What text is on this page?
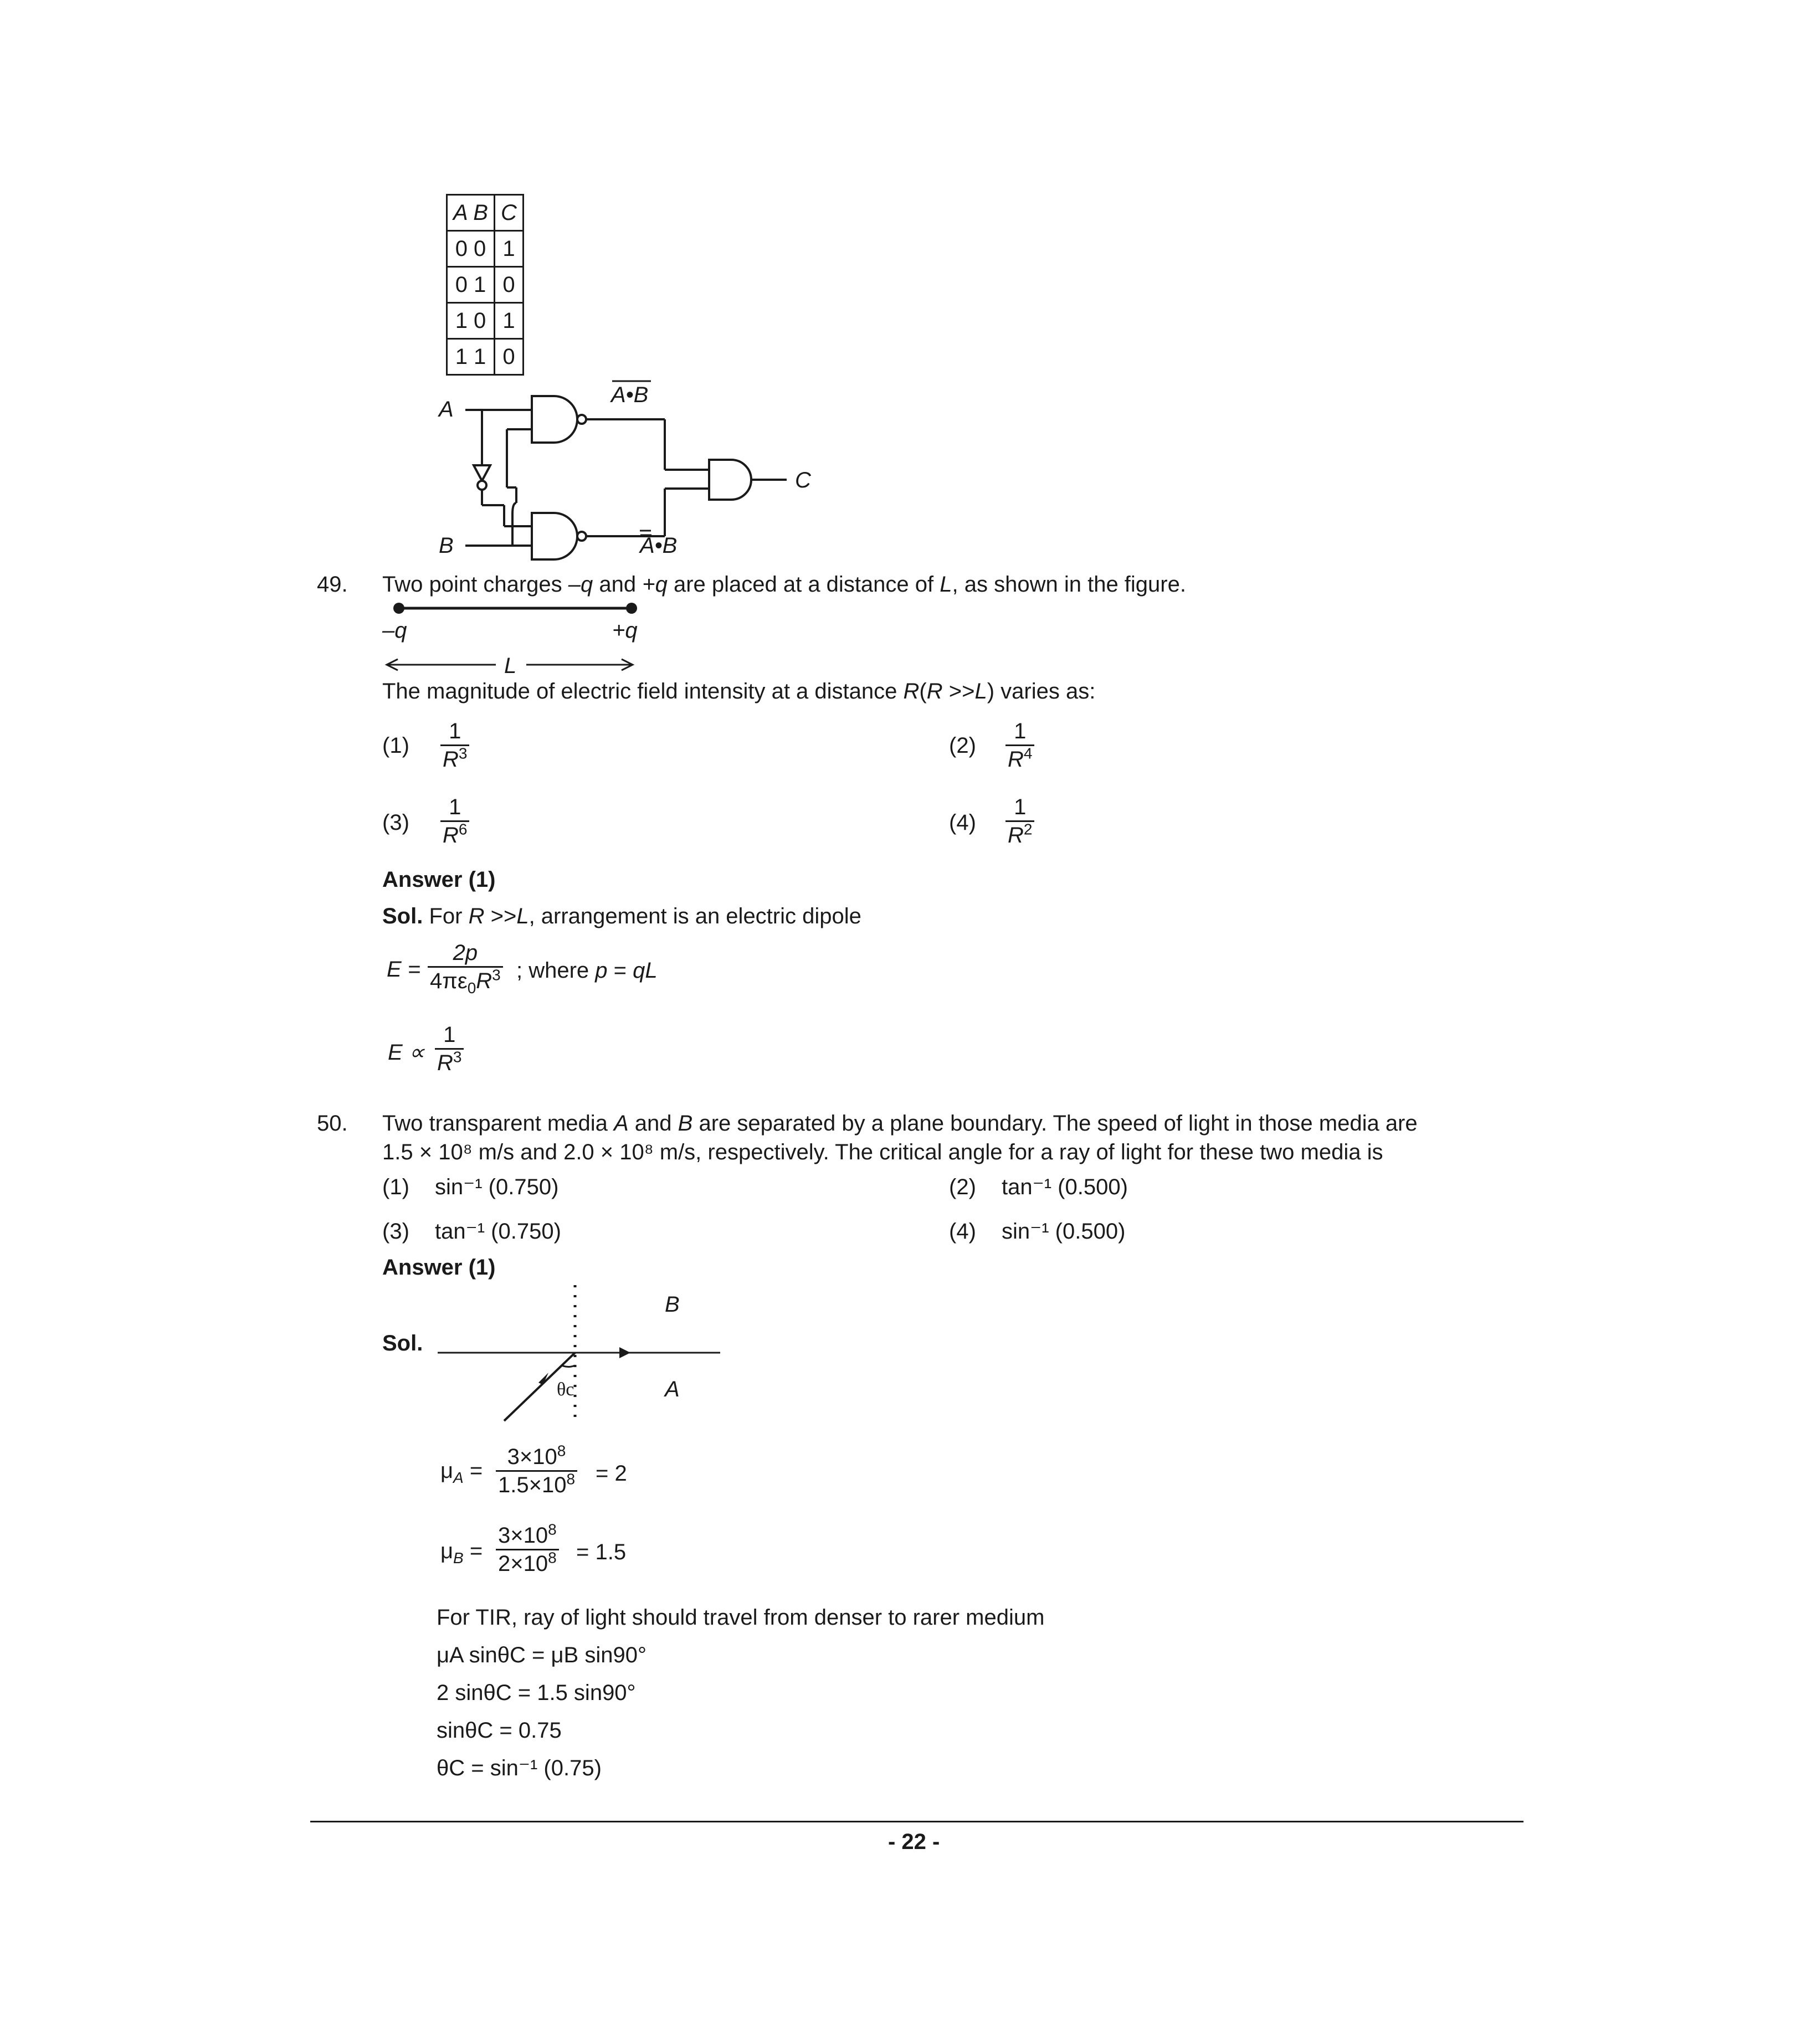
A B	C
0 0	1
0 1	0
1 0	1
1 1	0
A
B
C
A•B
A•B
49. Two point charges –q and +q are placed at a distance of L, as shown in the figure.
–q	+q
L
The magnitude of electric field intensity at a distance R(R >>L) varies as:
(1)
1
$R^3$	(2)
1
$R^4$
(3)
1
$R^6$	(4)
1
$R^2$
Answer (1)
Sol. For R >>L, arrangement is an electric dipole
E =
2p
$4\pi\varepsilon_0R^3$ ; where p = qL
E ∝
1
$R^3$
50. Two transparent media A and B are separated by a plane boundary. The speed of light in those media are
1.5 × 10⁸ m/s and 2.0 × 10⁸ m/s, respectively. The critical angle for a ray of light for these two media is
(1) sin⁻¹ (0.750)	(2) tan⁻¹ (0.500)
(3) tan⁻¹ (0.750)	(4) sin⁻¹ (0.500)
Answer (1)
Sol.
B
A
θc
$\mu_A$ =
$3\times 10^8$
$1.5\times 10^8 = 2$
$\mu_B$ =
$3\times 10^8$
$2\times 10^8 = 1.5$
For TIR, ray of light should travel from denser to rarer medium
μA sinθC = μB sin90°
2 sinθC = 1.5 sin90°
sinθC = 0.75
θC = sin⁻¹ (0.75)
- 22 -
